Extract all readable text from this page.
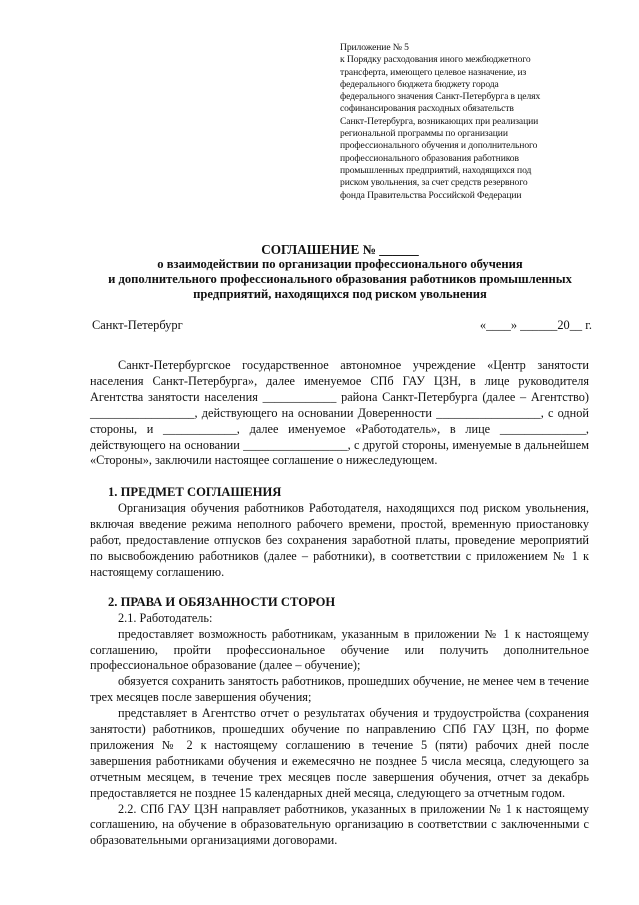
Приложение № 5
к Порядку расходования иного межбюджетного
трансферта, имеющего целевое назначение, из
федерального бюджета бюджету города
федерального значения Санкт-Петербурга в целях
софинансирования расходных обязательств
Санкт-Петербурга, возникающих при реализации
региональной программы по организации
профессионального обучения и дополнительного
профессионального образования работников
промышленных предприятий, находящихся под
риском увольнения, за счет средств резервного
фонда Правительства Российской Федерации
СОГЛАШЕНИЕ № ______
о взаимодействии по организации профессионального обучения
и дополнительного профессионального образования работников промышленных
предприятий, находящихся под риском увольнения
Санкт-Петербург	«____» ______20__ г.

Санкт-Петербургское государственное автономное учреждение «Центр занятости населения Санкт-Петербурга», далее именуемое СПб ГАУ ЦЗН, в лице руководителя Агентства занятости населения ____________ района Санкт-Петербурга (далее – Агентство) _________________, действующего на основании Доверенности _________________, с одной стороны, и ____________, далее именуемое «Работодатель», в лице ______________, действующего на основании _________________, с другой стороны, именуемые в дальнейшем «Стороны», заключили настоящее соглашение о нижеследующем.

1. ПРЕДМЕТ СОГЛАШЕНИЯ

Организация обучения работников Работодателя, находящихся под риском увольнения, включая введение режима неполного рабочего времени, простой, временную приостановку работ, предоставление отпусков без сохранения заработной платы, проведение мероприятий по высвобождению работников (далее – работники), в соответствии с приложением № 1 к настоящему соглашению.

2. ПРАВА И ОБЯЗАННОСТИ СТОРОН

2.1. Работодатель:

предоставляет возможность работникам, указанным в приложении № 1 к настоящему соглашению, пройти профессиональное обучение или получить дополнительное профессиональное образование (далее – обучение);

обязуется сохранить занятость работников, прошедших обучение, не менее чем в течение трех месяцев после завершения обучения;

представляет в Агентство отчет о результатах обучения и трудоустройства (сохранения занятости) работников, прошедших обучение по направлению СПб ГАУ ЦЗН, по форме приложения № 2 к настоящему соглашению в течение 5 (пяти) рабочих дней после завершения работниками обучения и ежемесячно не позднее 5 числа месяца, следующего за отчетным месяцем, в течение трех месяцев после завершения обучения, отчет за декабрь предоставляется не позднее 15 календарных дней месяца, следующего за отчетным годом.

2.2. СПб ГАУ ЦЗН направляет работников, указанных в приложении № 1 к настоящему соглашению, на обучение в образовательную организацию в соответствии с заключенными с образовательными организациями договорами.
